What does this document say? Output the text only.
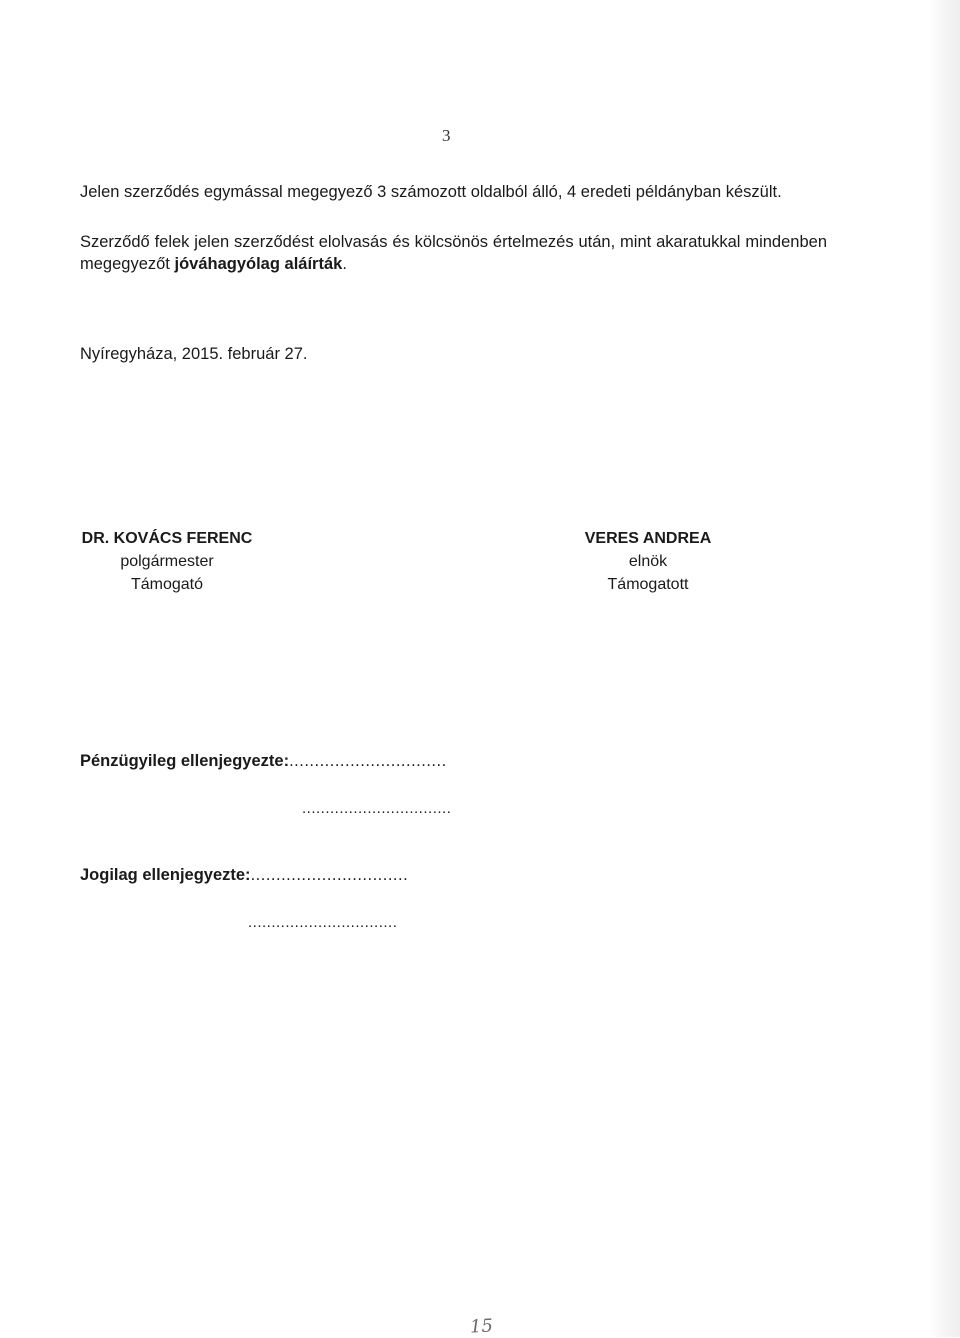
3
Jelen szerződés egymással megegyező 3 számozott oldalból álló, 4 eredeti példányban készült.
Szerződő felek jelen szerződést elolvasás és kölcsönös értelmezés után, mint akaratukkal mindenben megegyezőt jóváhagyólag aláírták.
Nyíregyháza, 2015. február 27.
DR. KOVÁCS FERENC
polgármester
Támogató
VERES ANDREA
elnök
Támogatott
Pénzügyileg ellenjegyezte:...............................
................................
Jogilag ellenjegyezte:...............................
................................
15
